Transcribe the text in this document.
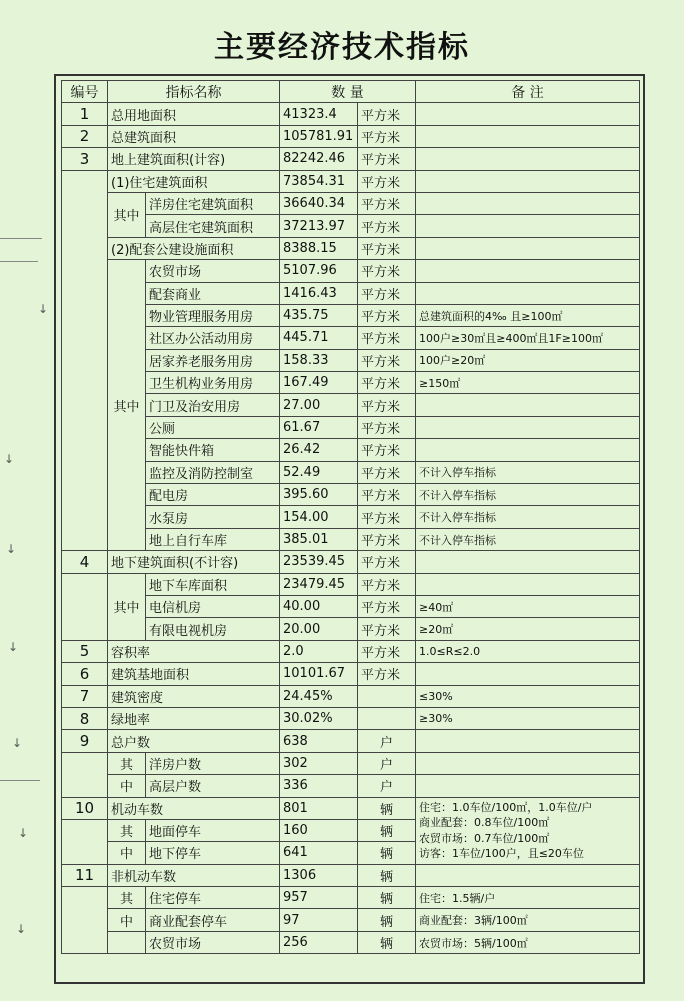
↓
↓
↓
↓
↓
↓
↓
主要经济技术指标
编号	指标名称		数 量		备 注
1	总用地面积		41323.4	平方米	
2	总建筑面积		105781.91	平方米	
3	地上建筑面积(计容)		82242.46	平方米	
	(1)住宅建筑面积		73854.31	平方米	
	其中	洋房住宅建筑面积	36640.34	平方米	
		高层住宅建筑面积	37213.97	平方米	
	(2)配套公建设施面积		8388.15	平方米	
	其中	农贸市场	5107.96	平方米	
		配套商业	1416.43	平方米	
		物业管理服务用房	435.75	平方米	总建筑面积的4‰ 且≥100㎡
		社区办公活动用房	445.71	平方米	100户≥30㎡且≥400㎡且1F≥100㎡
		居家养老服务用房	158.33	平方米	100户≥20㎡
		卫生机构业务用房	167.49	平方米	≥150㎡
		门卫及治安用房	27.00	平方米	
		公厕	61.67	平方米	
		智能快件箱	26.42	平方米	
		监控及消防控制室	52.49	平方米	不计入停车指标
		配电房	395.60	平方米	不计入停车指标
		水泵房	154.00	平方米	不计入停车指标
		地上自行车库	385.01	平方米	不计入停车指标
4	地下建筑面积(不计容)		23539.45	平方米	
	其中	地下车库面积	23479.45	平方米	
		电信机房	40.00	平方米	≥40㎡
		有限电视机房	20.00	平方米	≥20㎡
5	容积率		2.0	平方米	1.0≤R≤2.0
6	建筑基地面积		10101.67	平方米	
7	建筑密度		24.45%		≤30%
8	绿地率		30.02%		≥30%
9	总户数		638	户	
	其	洋房户数	302	户	
	中	高层户数	336	户	
10	机动车数		801	辆	住宅：1.0车位/100㎡，1.0车位/户
商业配套：0.8车位/100㎡
农贸市场：0.7车位/100㎡
访客：1车位/100户，且≤20车位
	其	地面停车	160	辆	
	中	地下停车	641	辆	
11	非机动车数		1306	辆	
	其	住宅停车	957	辆	住宅：1.5辆/户
	中	商业配套停车	97	辆	商业配套：3辆/100㎡
		农贸市场	256	辆	农贸市场：5辆/100㎡
